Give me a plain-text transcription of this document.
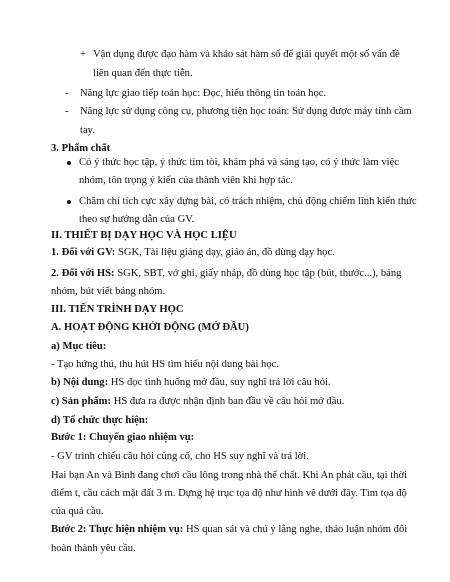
+ Vận dụng được đạo hàm và khảo sát hàm số để giải quyết một số vấn đề
liên quan đến thực tiễn.
- Năng lực giao tiếp toán học: Đọc, hiểu thông tin toán học.
- Năng lực sử dụng công cụ, phương tiện học toán: Sử dụng được máy tính cầm
tay.
3. Phẩm chất
Có ý thức học tập, ý thức tìm tòi, khám phá và sáng tạo, có ý thức làm việc
nhóm, tôn trọng ý kiến của thành viên khi hợp tác.
Chăm chỉ tích cực xây dựng bài, có trách nhiệm, chủ động chiếm lĩnh kiến thức
theo sự hướng dẫn của GV.
II. THIẾT BỊ DẠY HỌC VÀ HỌC LIỆU
1. Đối với GV: SGK, Tài liệu giảng dạy, giáo án, đồ dùng dạy học.
2. Đối với HS: SGK, SBT, vở ghi, giấy nháp, đồ dùng học tập (bút, thước...), bảng
nhóm, bút viết bảng nhóm.
III. TIẾN TRÌNH DẠY HỌC
A. HOẠT ĐỘNG KHỞI ĐỘNG (MỞ ĐẦU)
a) Mục tiêu:
- Tạo hứng thú, thu hút HS tìm hiểu nội dung bài học.
b) Nội dung: HS đọc tình huống mở đầu, suy nghĩ trả lời câu hỏi.
c) Sản phẩm: HS đưa ra được nhận định ban đầu về câu hỏi mở đầu.
d) Tổ chức thực hiện:
Bước 1: Chuyển giao nhiệm vụ:
- GV trình chiếu câu hỏi củng cố, cho HS suy nghĩ và trả lời.
Hai bạn An và Bình đang chơi cầu lông trong nhà thể chất. Khi An phát cầu, tại thời
điểm t, cầu cách mặt đất 3 m. Dựng hệ trục tọa độ như hình vẽ dưới đây. Tìm tọa độ
của quả cầu.
Bước 2: Thực hiện nhiệm vụ: HS quan sát và chú ý lắng nghe, thảo luận nhóm đôi
hoàn thành yêu cầu.
